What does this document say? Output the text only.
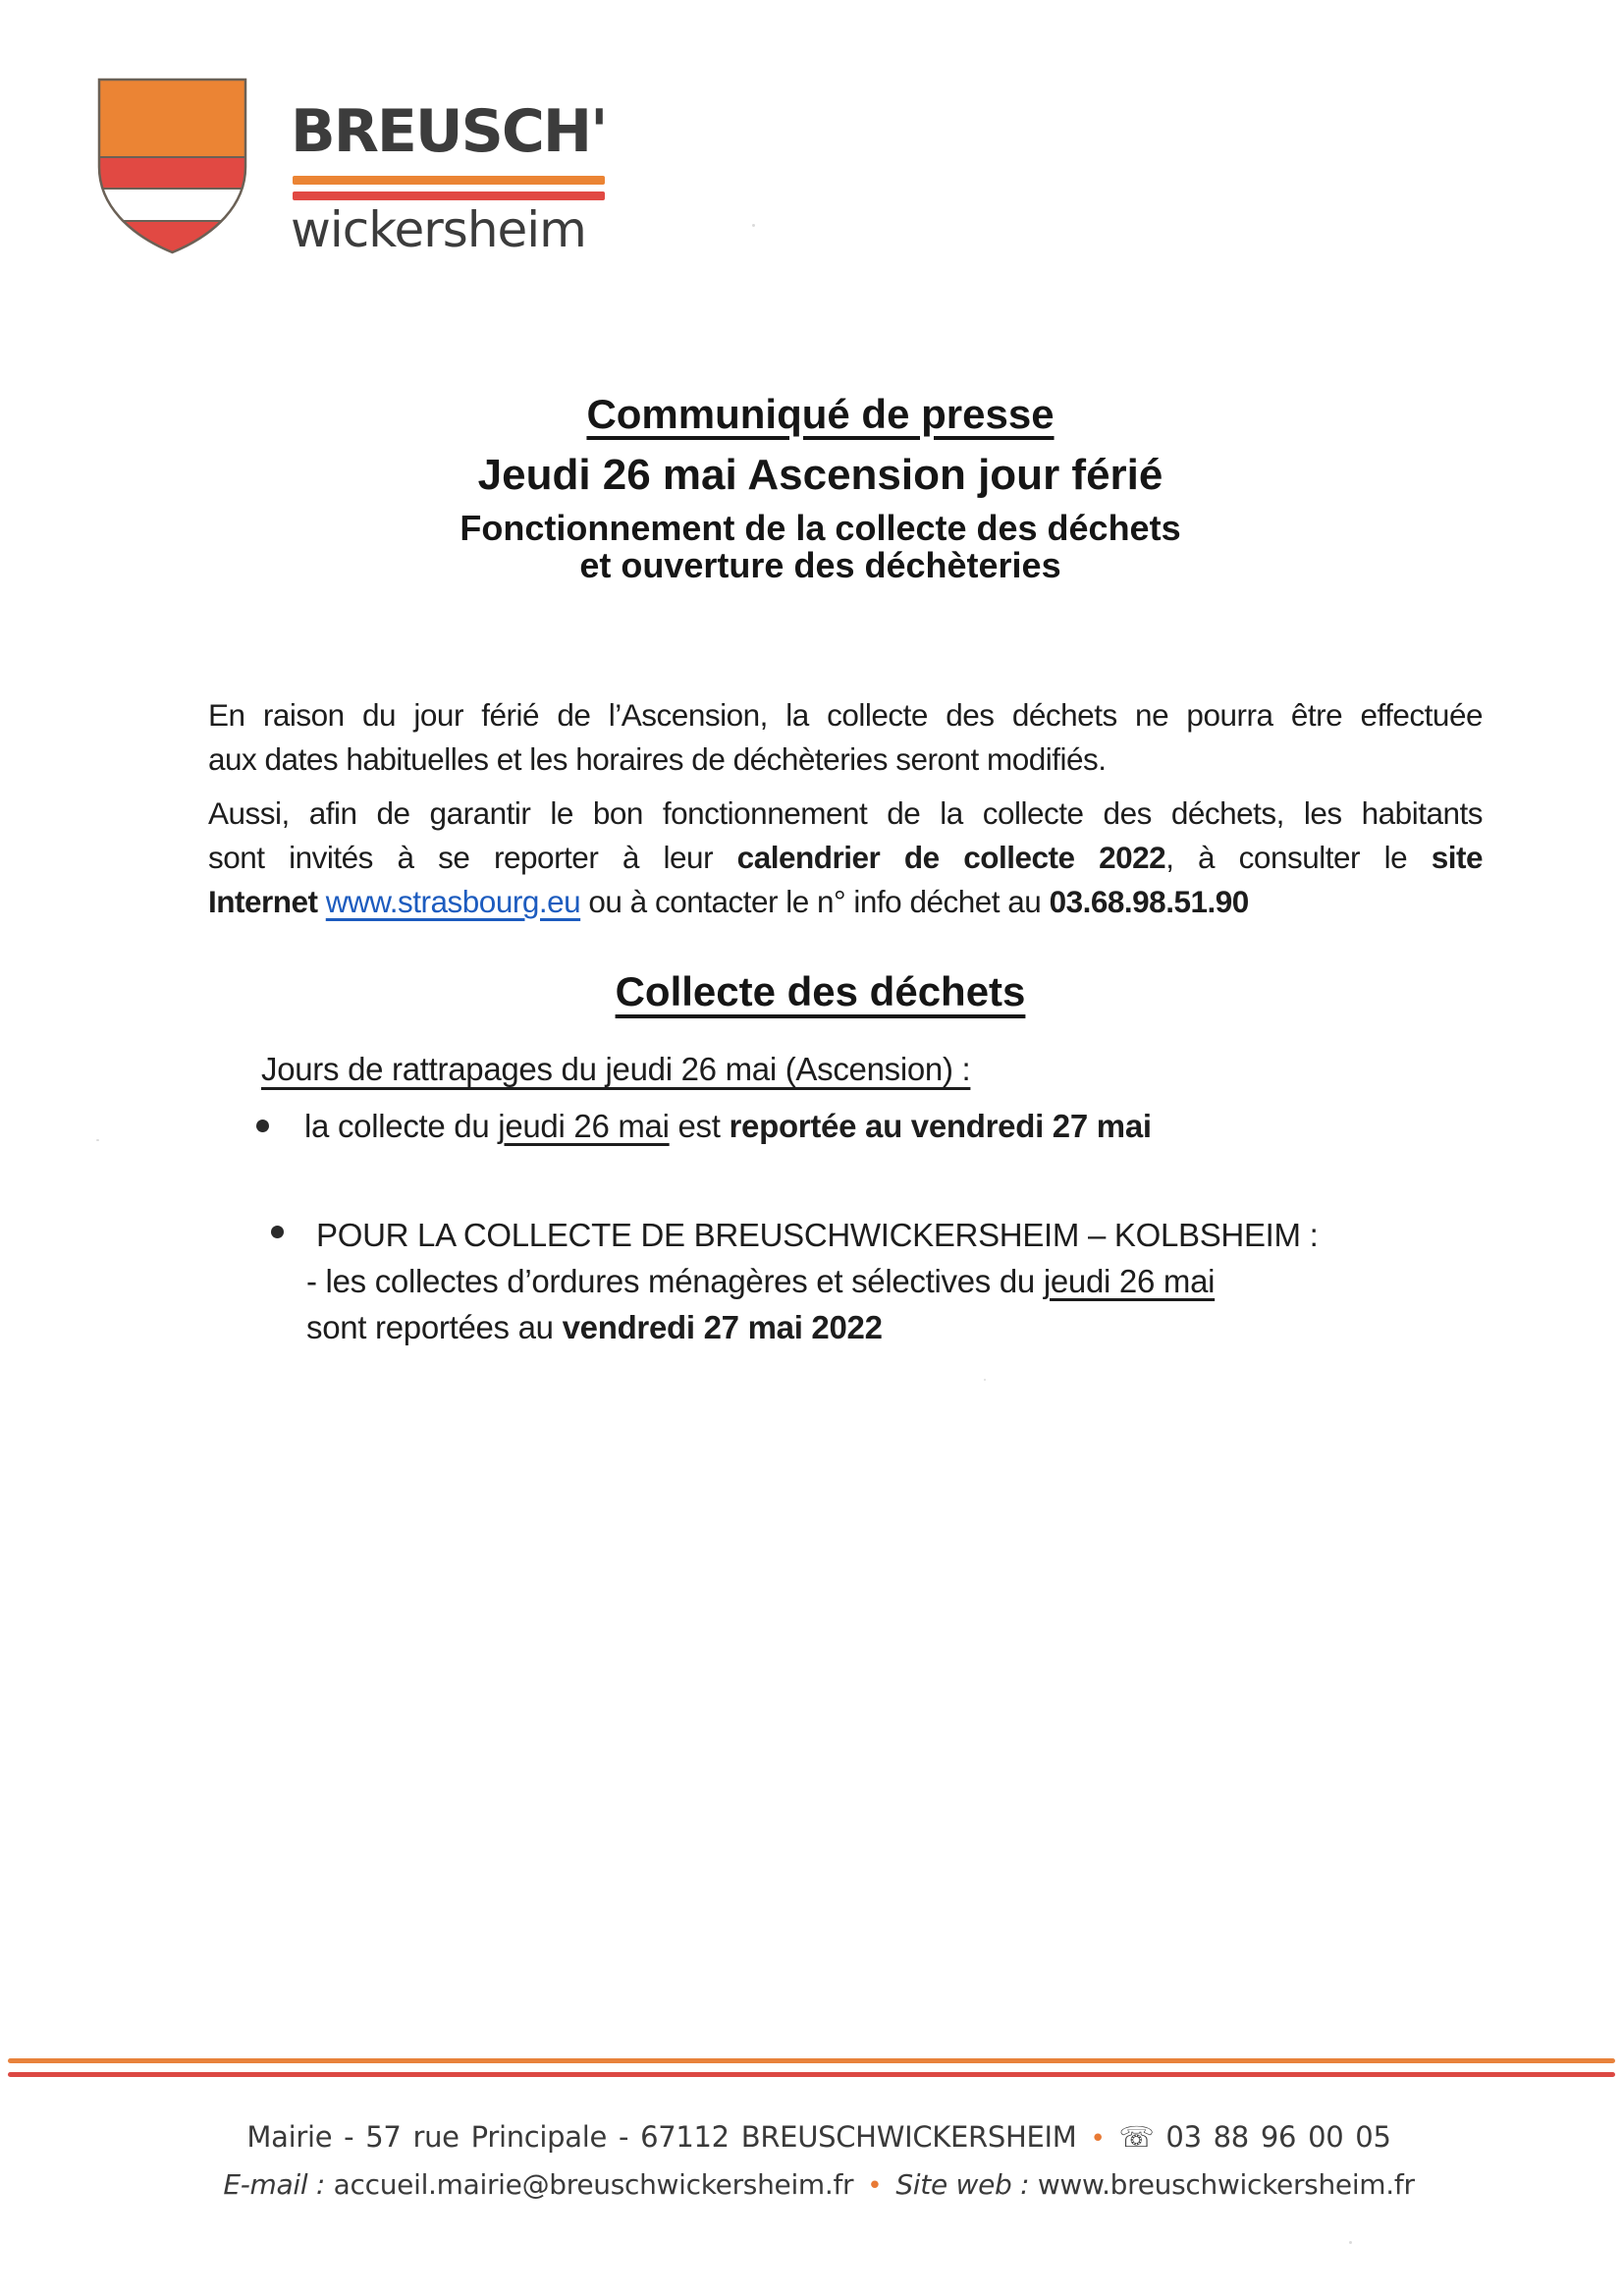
BREUSCH'
wickersheim
Communiqué de presse
Jeudi 26 mai Ascension jour férié
Fonctionnement de la collecte des déchets
et ouverture des déchèteries
En raison du jour férié de l’Ascension, la collecte des déchets ne pourra être effectuée
aux dates habituelles et les horaires de déchèteries seront modifiés.
Aussi, afin de garantir le bon fonctionnement de la collecte des déchets, les habitants
sont invités à se reporter à leur calendrier de collecte 2022, à consulter le site
Internet www.strasbourg.eu ou à contacter le n° info déchet au 03.68.98.51.90
Collecte des déchets
Jours de rattrapages du jeudi 26 mai (Ascension) :
la collecte du jeudi 26 mai est reportée au vendredi 27 mai
POUR LA COLLECTE DE BREUSCHWICKERSHEIM – KOLBSHEIM :
- les collectes d’ordures ménagères et sélectives du jeudi 26 mai
sont reportées au vendredi 27 mai 2022
Mairie - 57 rue Principale - 67112 BREUSCHWICKERSHEIM • ☏ 03 88 96 00 05
E-mail : accueil.mairie@breuschwickersheim.fr • Site web : www.breuschwickersheim.fr
